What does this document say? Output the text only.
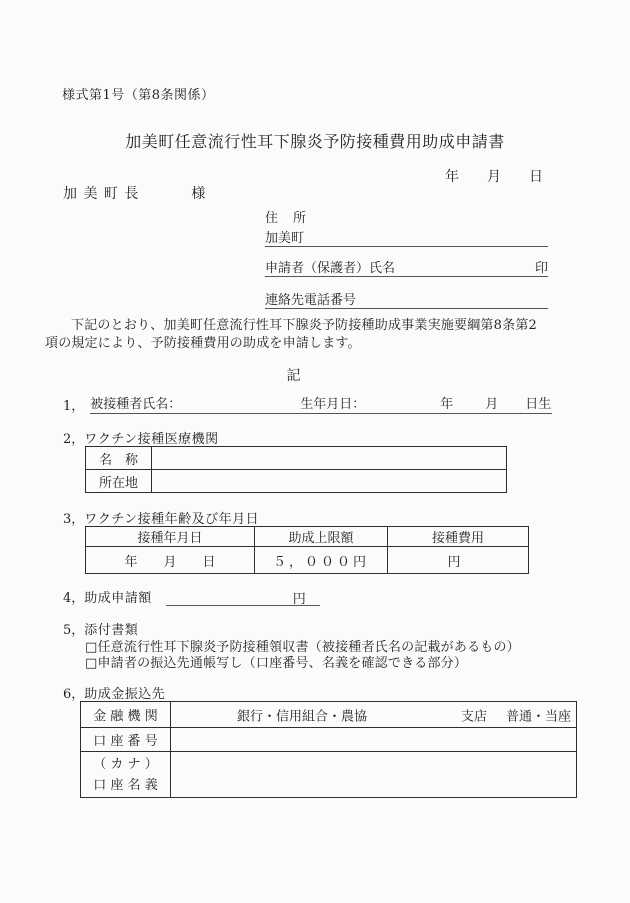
様式第1号（第8条関係）
加美町任意流行性耳下腺炎予防接種費用助成申請書
年　　月　　日
加 美 町 長	様
住　所
加美町
申請者（保護者）氏名	印
連絡先電話番号
下記のとおり、加美町任意流行性耳下腺炎予防接種助成事業実施要綱第8条第2項の規定により、予防接種費用の助成を申請します。
記
1， 被接種者氏名：	生年月日：	年 月 日生
2，ワクチン接種医療機関
名　称	
所在地	
3，ワクチン接種年齢及び年月日
接種年月日	助成上限額	接種費用
年　　月　　日	５，０００円	円
4， 助成申請額	円
5，添付書類
□任意流行性耳下腺炎予防接種領収書（被接種者氏名の記載があるもの）
□申請者の振込先通帳写し（口座番号、名義を確認できる部分）
6，助成金振込先
金 融 機 関	銀行・信用組合・農協 支店 普通・当座

口 座 番 号	

（ カ ナ ）
口 座 名 義	
